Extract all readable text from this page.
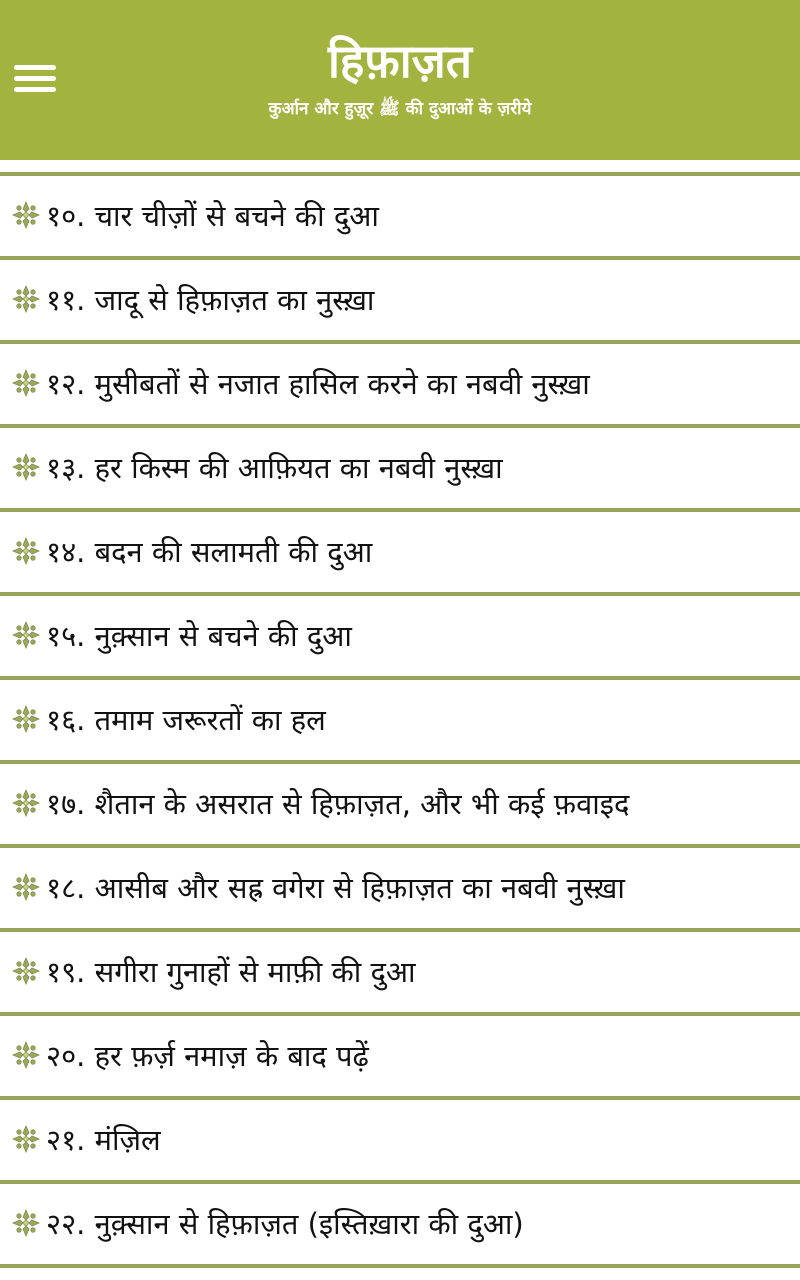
हिफ़ाज़त
कुर्आन और हुज़ूर ﷺ की दुआओं के ज़रीये
१०. चार चीज़ों से बचने की दुआ
११. जादू से हिफ़ाज़त का नुस्ख़ा
१२. मुसीबतों से नजात हासिल करने का नबवी नुस्ख़ा
१३. हर किस्म की आफ़ियत का नबवी नुस्ख़ा
१४. बदन की सलामती की दुआ
१५. नुक़्सान से बचने की दुआ
१६. तमाम जरूरतों का हल
१७. शैतान के असरात से हिफ़ाज़त, और भी कई फ़वाइद
१८. आसीब और सह्र वगेरा से हिफ़ाज़त का नबवी नुस्ख़ा
१९. सगीरा गुनाहों से माफ़ी की दुआ
२०. हर फ़र्ज़ नमाज़ के बाद पढ़ें
२१. मंज़िल
२२. नुक़्सान से हिफ़ाज़त (इस्तिख़ारा की दुआ)
